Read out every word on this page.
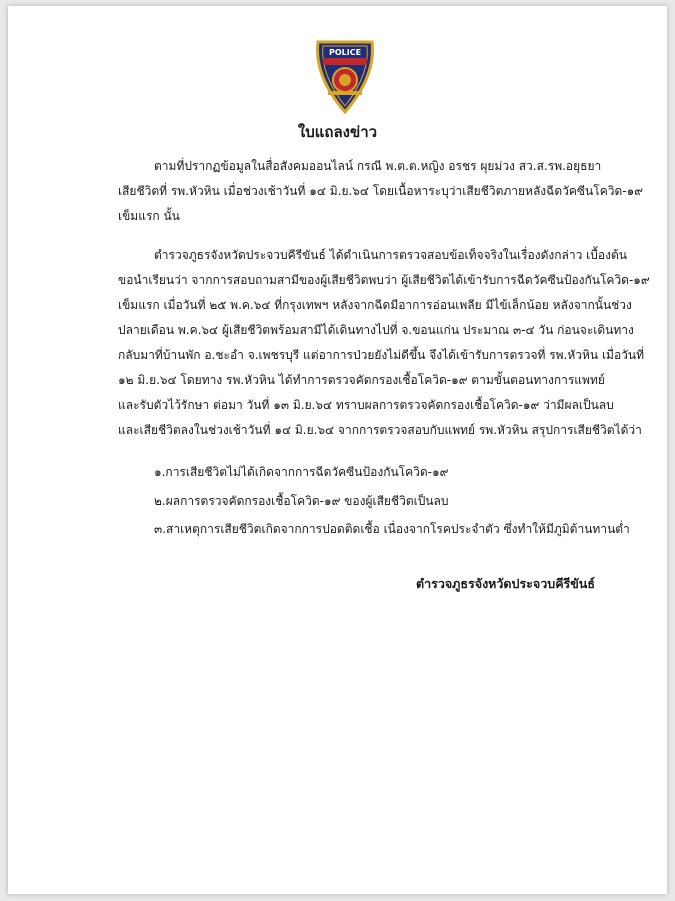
POLICE
ใบแถลงข่าว
ตามที่ปรากฏข้อมูลในสื่อสังคมออนไลน์ กรณี พ.ต.ต.หญิง อรชร ผุยม่วง สว.ส.รพ.อยุธยา
เสียชีวิตที่ รพ.หัวหิน เมื่อช่วงเช้าวันที่ ๑๔ มิ.ย.๖๔ โดยเนื้อหาระบุว่าเสียชีวิตภายหลังฉีดวัคซีนโควิด-๑๙
เข็มแรก นั้น
ตำรวจภูธรจังหวัดประจวบคีรีขันธ์ ได้ดำเนินการตรวจสอบข้อเท็จจริงในเรื่องดังกล่าว เบื้องต้น
ขอนำเรียนว่า จากการสอบถามสามีของผู้เสียชีวิตพบว่า ผู้เสียชีวิตได้เข้ารับการฉีดวัคซีนป้องกันโควิด-๑๙
เข็มแรก เมื่อวันที่ ๒๕ พ.ค.๖๔ ที่กรุงเทพฯ หลังจากฉีดมีอาการอ่อนเพลีย มีไข้เล็กน้อย หลังจากนั้นช่วง
ปลายเดือน พ.ค.๖๔ ผู้เสียชีวิตพร้อมสามีได้เดินทางไปที่ จ.ขอนแก่น ประมาณ ๓-๔ วัน ก่อนจะเดินทาง
กลับมาที่บ้านพัก อ.ชะอำ จ.เพชรบุรี แต่อาการป่วยยังไม่ดีขึ้น จึงได้เข้ารับการตรวจที่ รพ.หัวหิน เมื่อวันที่
๑๒ มิ.ย.๖๔ โดยทาง รพ.หัวหิน ได้ทำการตรวจคัดกรองเชื้อโควิด-๑๙ ตามขั้นตอนทางการแพทย์
และรับตัวไว้รักษา ต่อมา วันที่ ๑๓ มิ.ย.๖๔ ทราบผลการตรวจคัดกรองเชื้อโควิด-๑๙ ว่ามีผลเป็นลบ
และเสียชีวิตลงในช่วงเช้าวันที่ ๑๔ มิ.ย.๖๔ จากการตรวจสอบกับแพทย์ รพ.หัวหิน สรุปการเสียชีวิตได้ว่า
๑.การเสียชีวิตไม่ได้เกิดจากการฉีดวัคซีนป้องกันโควิด-๑๙
๒.ผลการตรวจคัดกรองเชื้อโควิด-๑๙ ของผู้เสียชีวิตเป็นลบ
๓.สาเหตุการเสียชีวิตเกิดจากการปอดติดเชื้อ เนื่องจากโรคประจำตัว ซึ่งทำให้มีภูมิต้านทานต่ำ
ตำรวจภูธรจังหวัดประจวบคีรีขันธ์
